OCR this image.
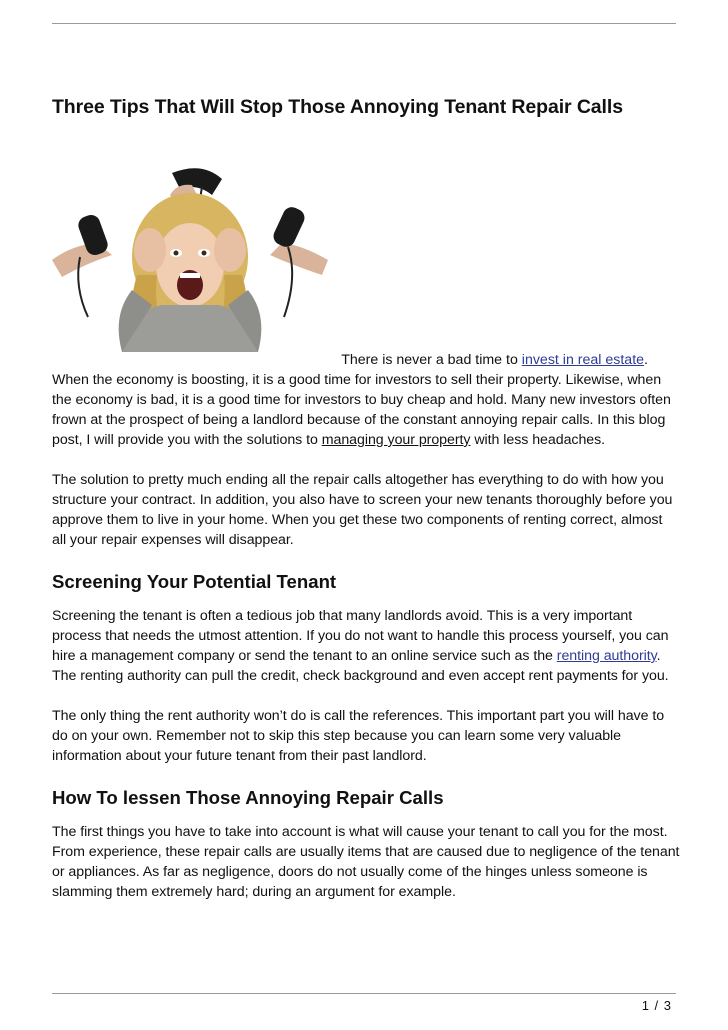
Three Tips That Will Stop Those Annoying Tenant Repair Calls

There is never a bad time to invest in real estate.

When the economy is boosting, it is a good time for investors to sell their property. Likewise, when the economy is bad, it is a good time for investors to buy cheap and hold. Many new investors often frown at the prospect of being a landlord because of the constant annoying repair calls. In this blog post, I will provide you with the solutions to managing your property with less headaches.

The solution to pretty much ending all the repair calls altogether has everything to do with how you structure your contract. In addition, you also have to screen your new tenants thoroughly before you approve them to live in your home. When you get these two components of renting correct, almost all your repair expenses will disappear.

Screening Your Potential Tenant

Screening the tenant is often a tedious job that many landlords avoid. This is a very important process that needs the utmost attention. If you do not want to handle this process yourself, you can hire a management company or send the tenant to an online service such as the renting authority. The renting authority can pull the credit, check background and even accept rent payments for you.

The only thing the rent authority won’t do is call the references. This important part you will have to do on your own. Remember not to skip this step because you can learn some very valuable information about your future tenant from their past landlord.

How To lessen Those Annoying Repair Calls

The first things you have to take into account is what will cause your tenant to call you for the most. From experience, these repair calls are usually items that are caused due to negligence of the tenant or appliances. As far as negligence, doors do not usually come of the hinges unless someone is slamming them extremely hard; during an argument for example.

1 / 3
